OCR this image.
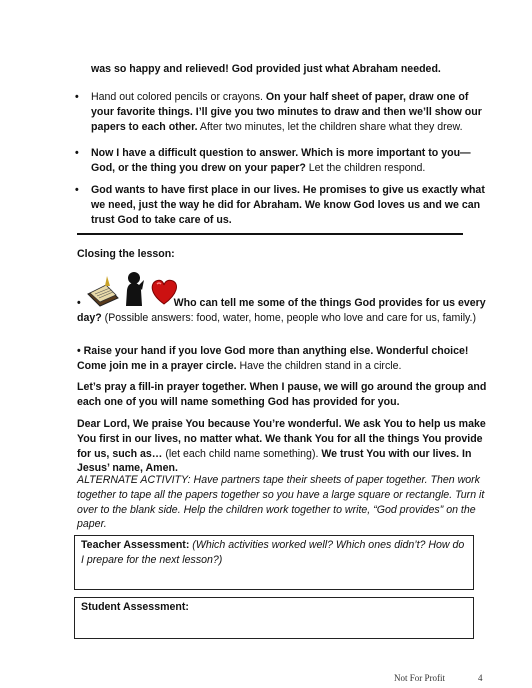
was so happy and relieved! God provided just what Abraham needed.

• Hand out colored pencils or crayons. On your half sheet of paper, draw one of your favorite things. I’ll give you two minutes to draw and then we’ll show our papers to each other. After two minutes, let the children share what they drew.
• Now I have a difficult question to answer. Which is more important to you—God, or the thing you drew on your paper? Let the children respond.
• God wants to have first place in our lives. He promises to give us exactly what we need, just the way he did for Abraham. We know God loves us and we can trust God to take care of us.

Closing the lesson:

•	Who can tell me some of the things God provides for us every day? (Possible answers: food, water, home, people who love and care for us, family.)
• Raise your hand if you love God more than anything else. Wonderful choice! Come join me in a prayer circle. Have the children stand in a circle.

Let’s pray a fill-in prayer together. When I pause, we will go around the group and each one of you will name something God has provided for you.

Dear Lord, We praise You because You’re wonderful. We ask You to help us make You first in our lives, no matter what. We thank You for all the things You provide for us, such as… (let each child name something). We trust You with our lives. In Jesus’ name, Amen.

ALTERNATE ACTIVITY: Have partners tape their sheets of paper together. Then work together to tape all the papers together so you have a large square or rectangle. Turn it over to the blank side. Help the children work together to write, “God provides” on the paper.

Teacher Assessment: (Which activities worked well? Which ones didn’t? How do I prepare for the next lesson?)
Student Assessment:
Not For Profit	4
